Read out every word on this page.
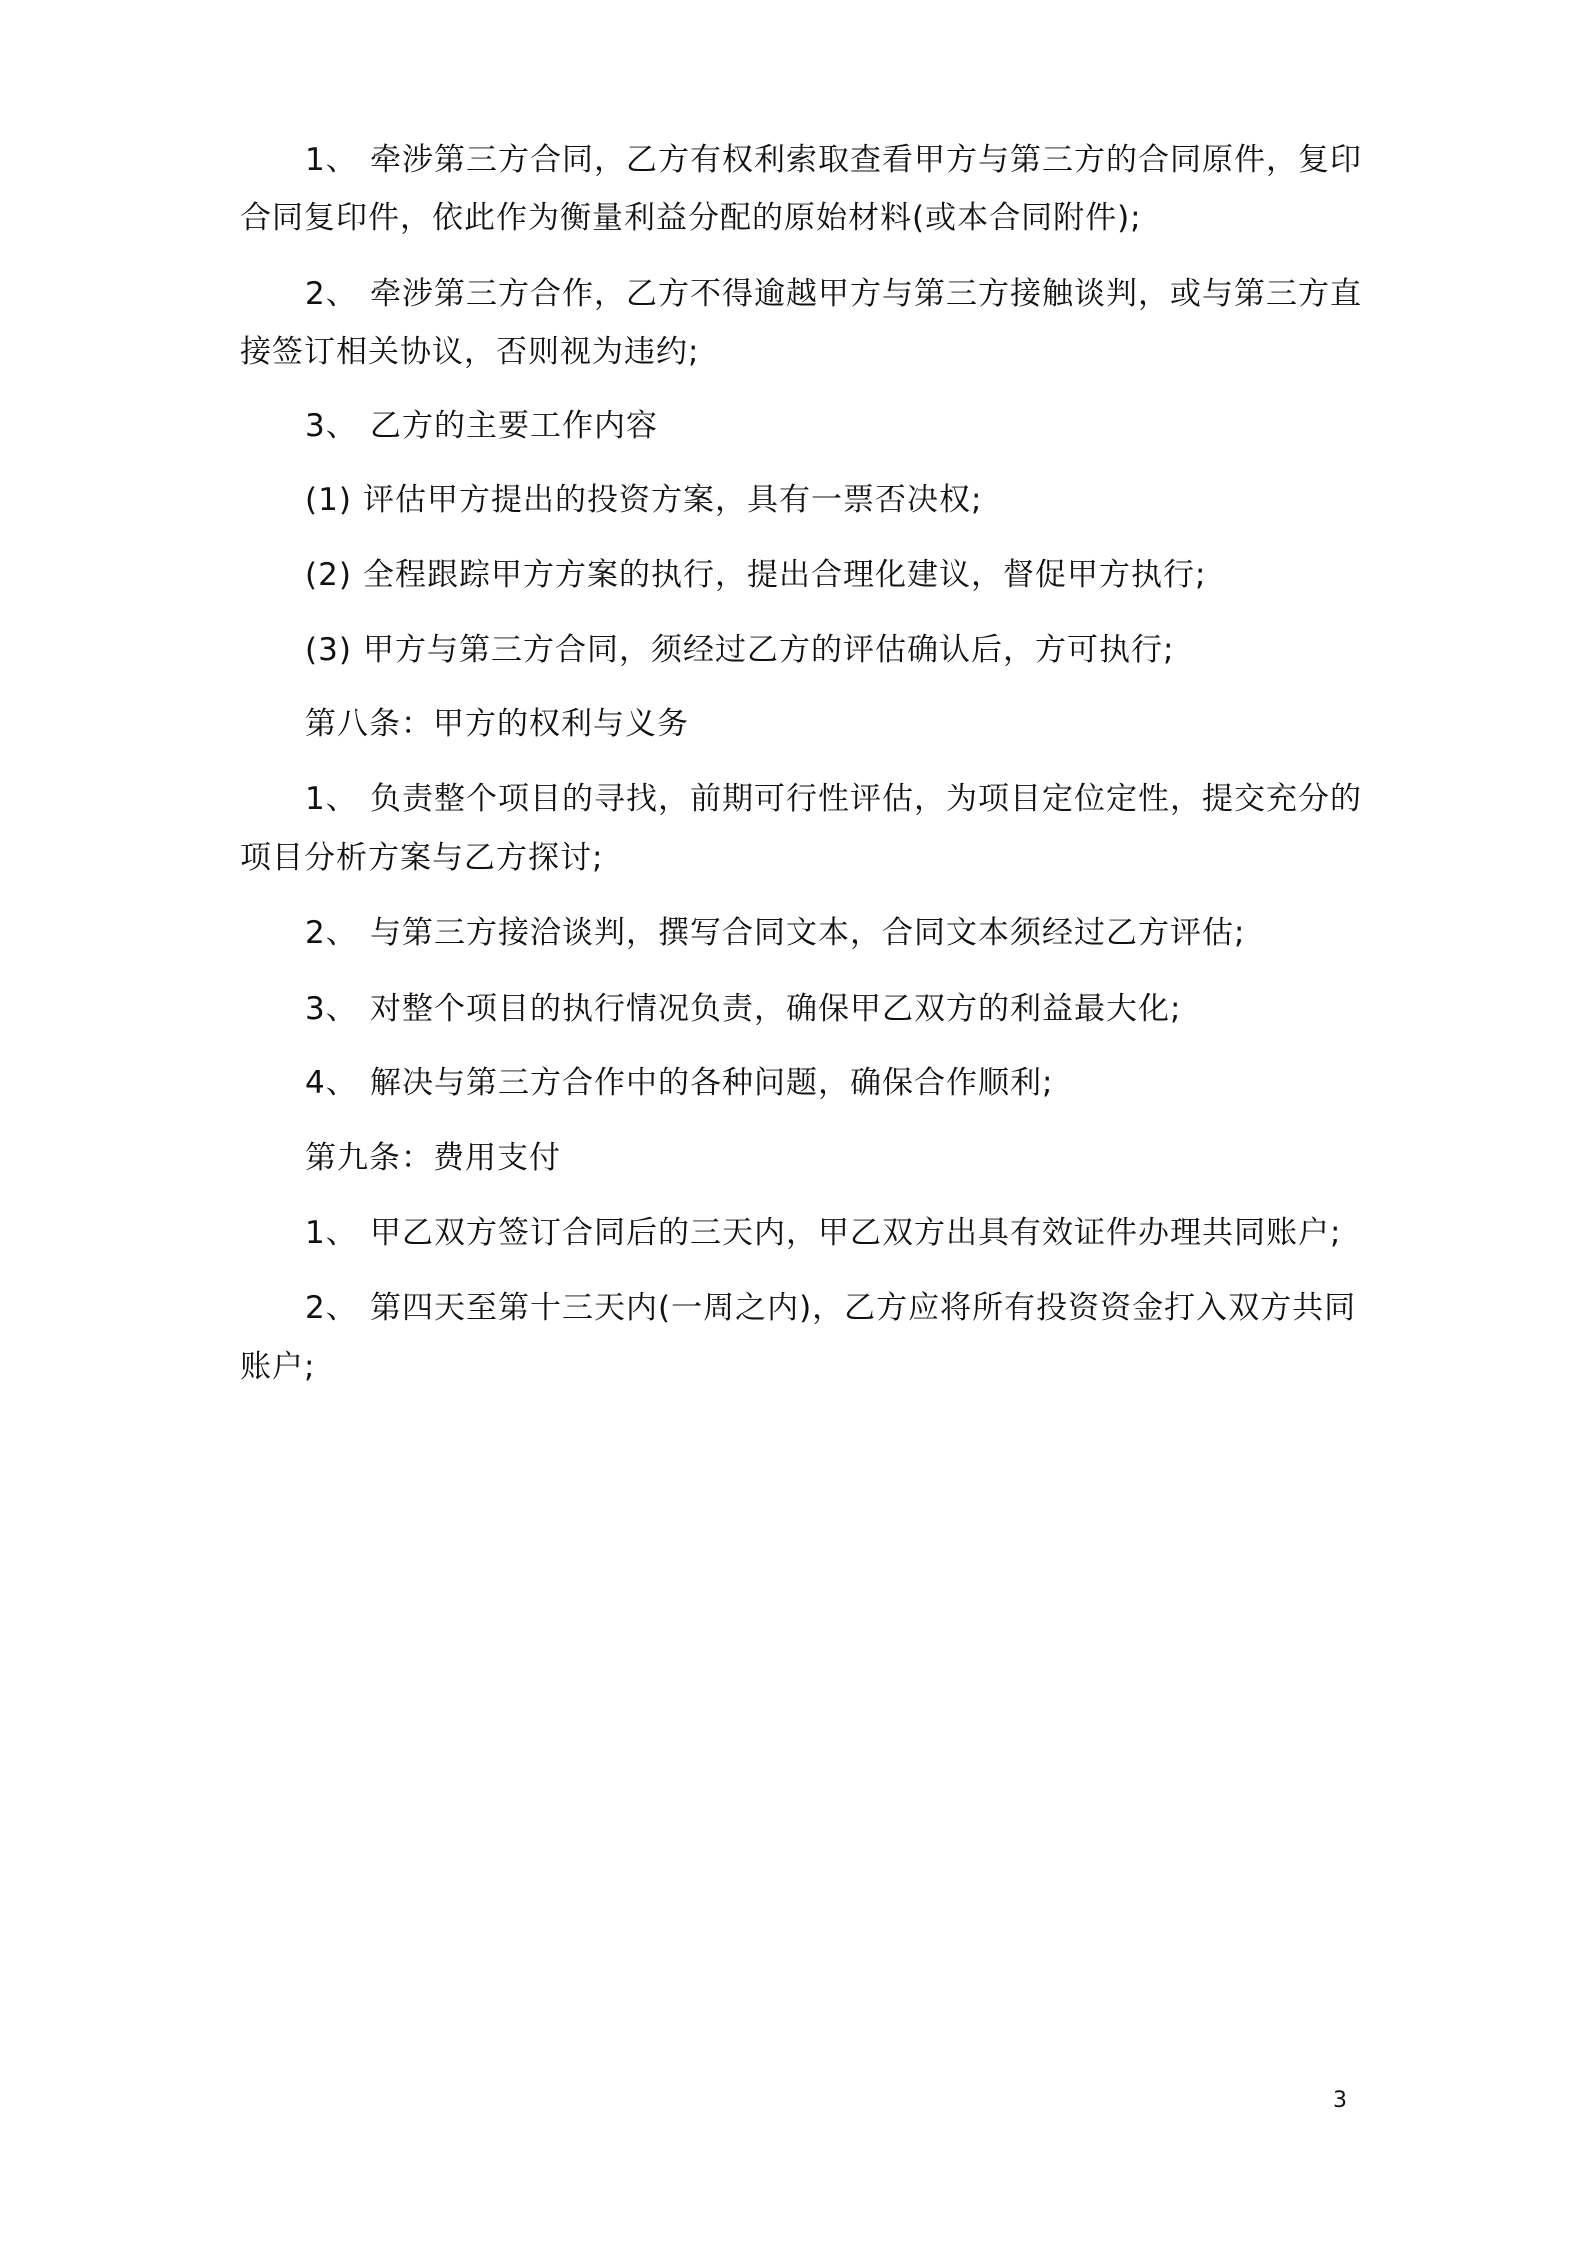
1、 牵涉第三方合同，乙方有权利索取查看甲方与第三方的合同原件，复印
合同复印件，依此作为衡量利益分配的原始材料(或本合同附件);
2、 牵涉第三方合作，乙方不得逾越甲方与第三方接触谈判，或与第三方直
接签订相关协议，否则视为违约;
3、 乙方的主要工作内容
(1) 评估甲方提出的投资方案，具有一票否决权;
(2) 全程跟踪甲方方案的执行，提出合理化建议，督促甲方执行;
(3) 甲方与第三方合同，须经过乙方的评估确认后，方可执行;
第八条：甲方的权利与义务
1、 负责整个项目的寻找，前期可行性评估，为项目定位定性，提交充分的
项目分析方案与乙方探讨;
2、 与第三方接洽谈判，撰写合同文本，合同文本须经过乙方评估;
3、 对整个项目的执行情况负责，确保甲乙双方的利益最大化;
4、 解决与第三方合作中的各种问题，确保合作顺利;
第九条：费用支付
1、 甲乙双方签订合同后的三天内，甲乙双方出具有效证件办理共同账户;
2、 第四天至第十三天内(一周之内)，乙方应将所有投资资金打入双方共同
账户;
3
